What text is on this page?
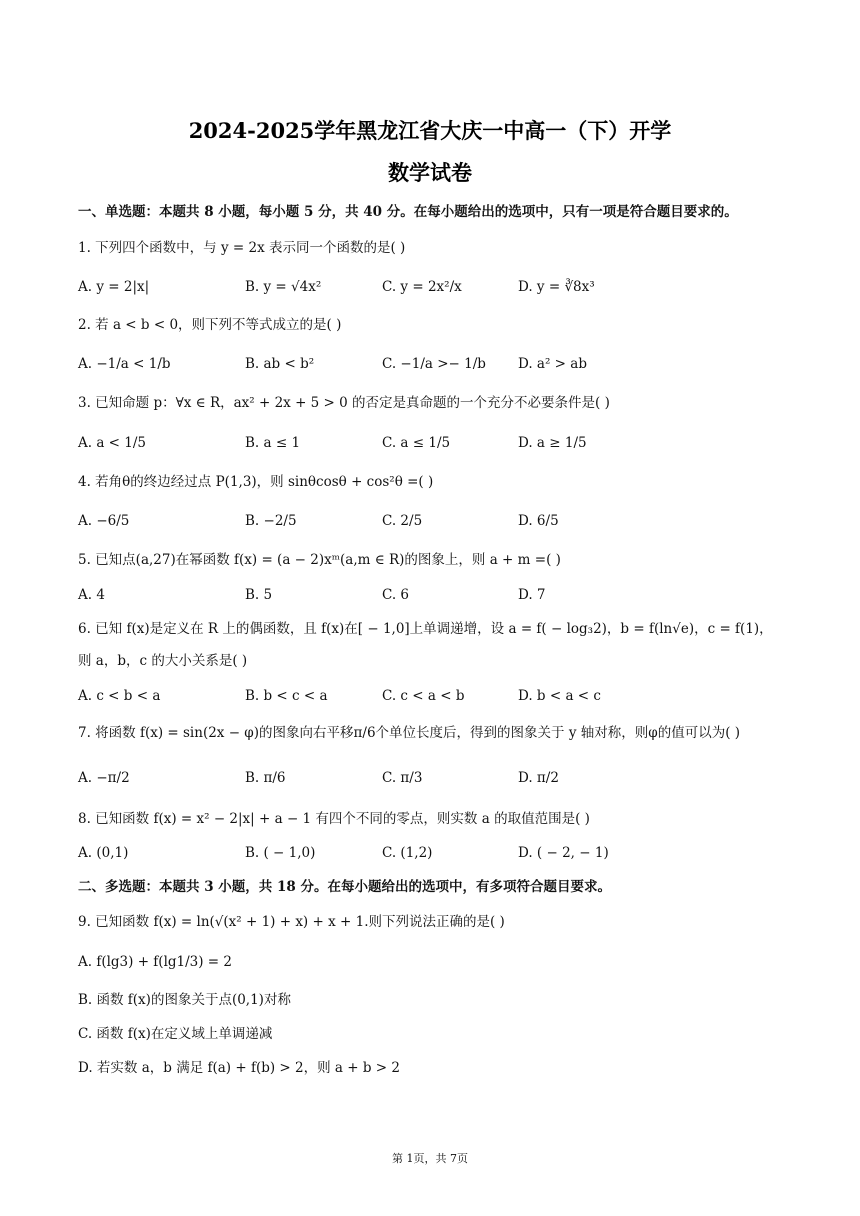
2024-2025学年黑龙江省大庆一中高一（下）开学
数学试卷
一、单选题：本题共 8 小题，每小题 5 分，共 40 分。在每小题给出的选项中，只有一项是符合题目要求的。
1. 下列四个函数中，与 y = 2x 表示同一个函数的是( )
A. y = 2|x|	B. y = √4x²	C. y = 2x²/x	D. y = ∛8x³
2. 若 a < b < 0，则下列不等式成立的是( )
A. −1/a < 1/b	B. ab < b²	C. −1/a >− 1/b D. a² > ab
3. 已知命题 p：∀x ∈ R，ax² + 2x + 5 > 0 的否定是真命题的一个充分不必要条件是( )
A. a < 1/5	B. a ≤ 1	C. a ≤ 1/5	D. a ≥ 1/5
4. 若角θ的终边经过点 P(1,3)，则 sinθcosθ + cos²θ =( )
A. −6/5	B. −2/5	C. 2/5	D. 6/5
5. 已知点(a,27)在幂函数 f(x) = (a − 2)xᵐ(a,m ∈ R)的图象上，则 a + m =( )
A. 4	B. 5	C. 6	D. 7
6. 已知 f(x)是定义在 R 上的偶函数，且 f(x)在[ − 1,0]上单调递增，设 a = f( − log₃2)，b = f(ln√e)，c = f(1)，
则 a，b，c 的大小关系是( )
A. c < b < a	B. b < c < a	C. c < a < b	D. b < a < c
7. 将函数 f(x) = sin(2x − φ)的图象向右平移π/6个单位长度后，得到的图象关于 y 轴对称，则φ的值可以为( )
A. −π/2	B. π/6	C. π/3	D. π/2
8. 已知函数 f(x) = x² − 2|x| + a − 1 有四个不同的零点，则实数 a 的取值范围是( )
A. (0,1)	B. ( − 1,0)	C. (1,2)	D. ( − 2, − 1)
二、多选题：本题共 3 小题，共 18 分。在每小题给出的选项中，有多项符合题目要求。
9. 已知函数 f(x) = ln(√(x² + 1) + x) + x + 1.则下列说法正确的是( )
A. f(lg3) + f(lg1/3) = 2
B. 函数 f(x)的图象关于点(0,1)对称
C. 函数 f(x)在定义域上单调递减
D. 若实数 a，b 满足 f(a) + f(b) > 2，则 a + b > 2
第 1页，共 7页
